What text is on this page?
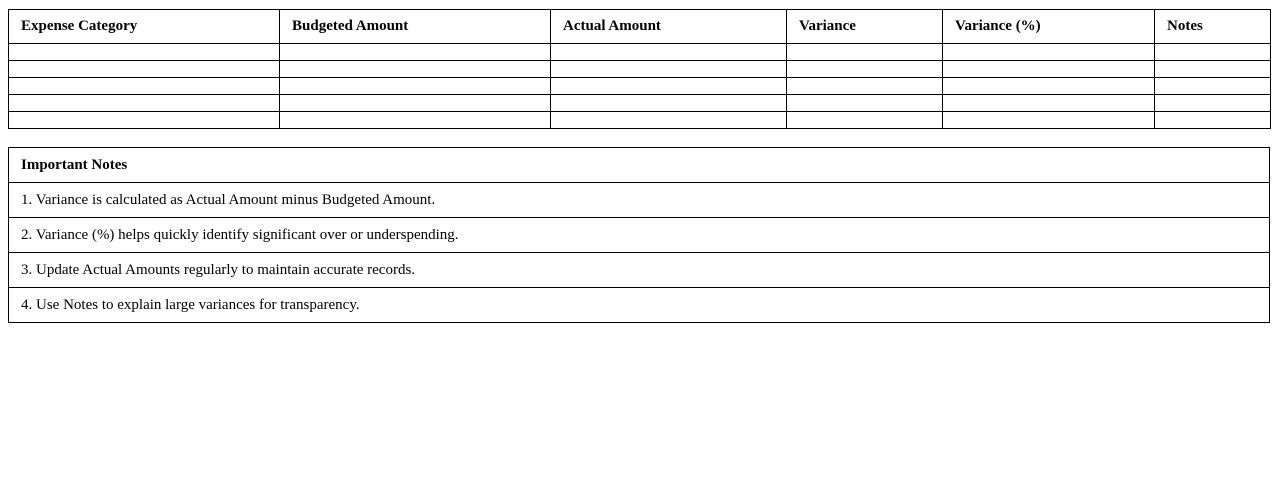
Expense Category	Budgeted Amount	Actual Amount	Variance	Variance (%)	Notes

Important Notes
1. Variance is calculated as Actual Amount minus Budgeted Amount.
2. Variance (%) helps quickly identify significant over or underspending.
3. Update Actual Amounts regularly to maintain accurate records.
4. Use Notes to explain large variances for transparency.
